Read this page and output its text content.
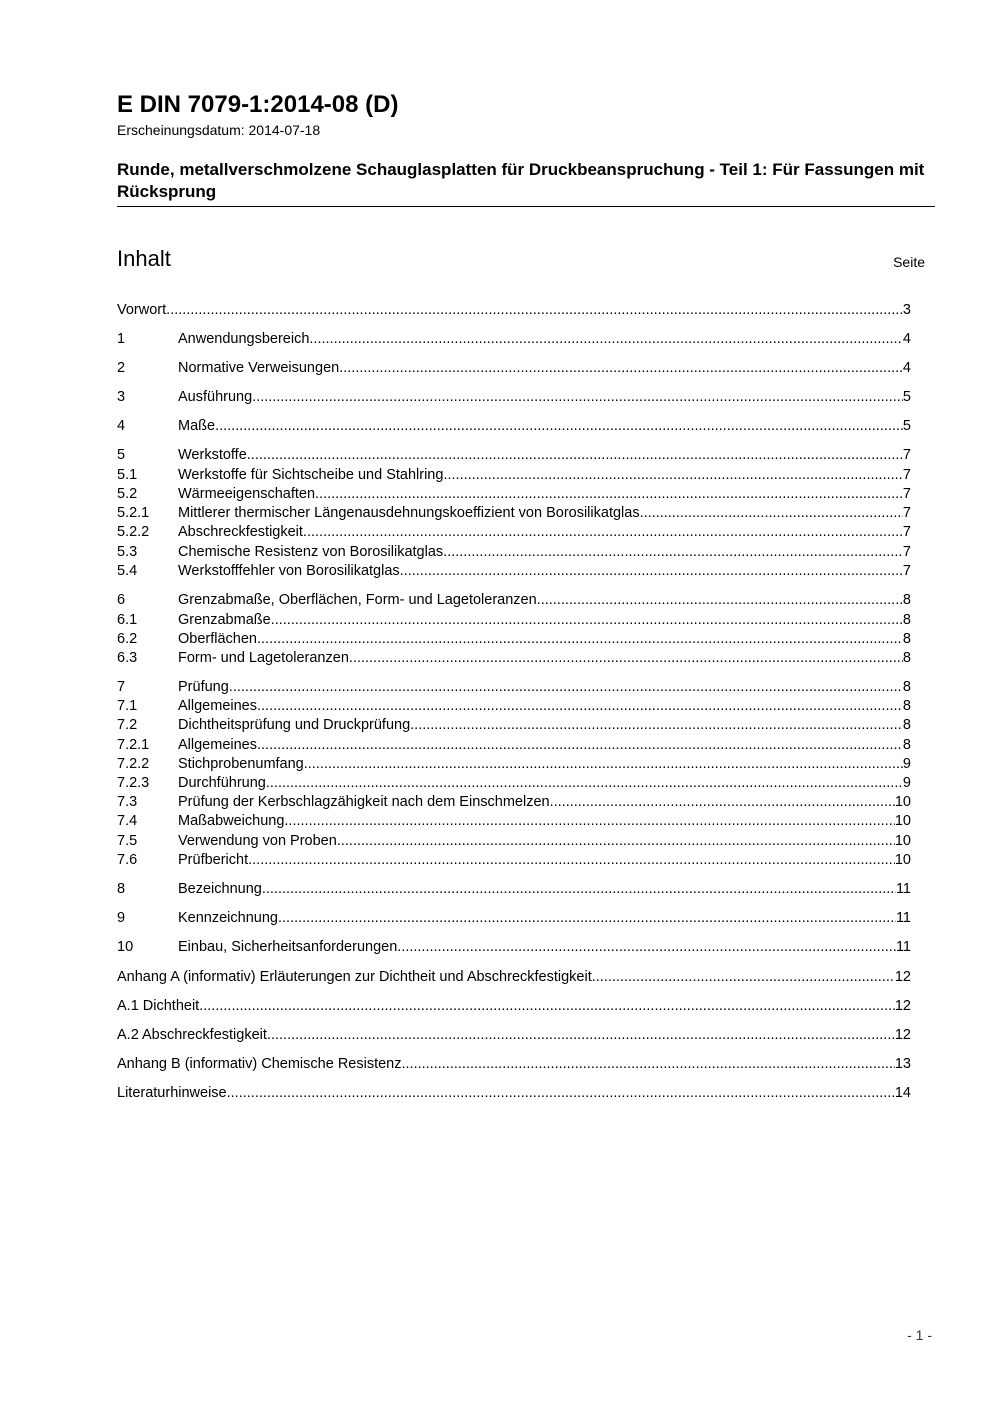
E DIN 7079-1:2014-08 (D)
Erscheinungsdatum: 2014-07-18
Runde, metallverschmolzene Schauglasplatten für Druckbeanspruchung - Teil 1: Für Fassungen mit Rücksprung
Inhalt	Seite
Vorwort .....	3
1	Anwendungsbereich .....	4
2	Normative Verweisungen .....	4
3	Ausführung .....	5
4	Maße .....	5
5	Werkstoffe .....	7
5.1	Werkstoffe für Sichtscheibe und Stahlring .....	7
5.2	Wärmeeigenschaften .....	7
5.2.1	Mittlerer thermischer Längenausdehnungskoeffizient von Borosilikatglas .....	7
5.2.2	Abschreckfestigkeit .....	7
5.3	Chemische Resistenz von Borosilikatglas .....	7
5.4	Werkstofffehler von Borosilikatglas .....	7
6	Grenzabmaße, Oberflächen, Form- und Lagetoleranzen .....	8
6.1	Grenzabmaße .....	8
6.2	Oberflächen .....	8
6.3	Form- und Lagetoleranzen .....	8
7	Prüfung .....	8
7.1	Allgemeines .....	8
7.2	Dichtheitsprüfung und Druckprüfung .....	8
7.2.1	Allgemeines .....	8
7.2.2	Stichprobenumfang .....	9
7.2.3	Durchführung .....	9
7.3	Prüfung der Kerbschlagzähigkeit nach dem Einschmelzen .....	10
7.4	Maßabweichung .....	10
7.5	Verwendung von Proben .....	10
7.6	Prüfbericht .....	10
8	Bezeichnung .....	11
9	Kennzeichnung .....	11
10	Einbau, Sicherheitsanforderungen .....	11
Anhang A (informativ) Erläuterungen zur Dichtheit und Abschreckfestigkeit .....	12
A.1 Dichtheit .....	12
A.2 Abschreckfestigkeit .....	12
Anhang B (informativ) Chemische Resistenz .....	13
Literaturhinweise .....	14
- 1 -
